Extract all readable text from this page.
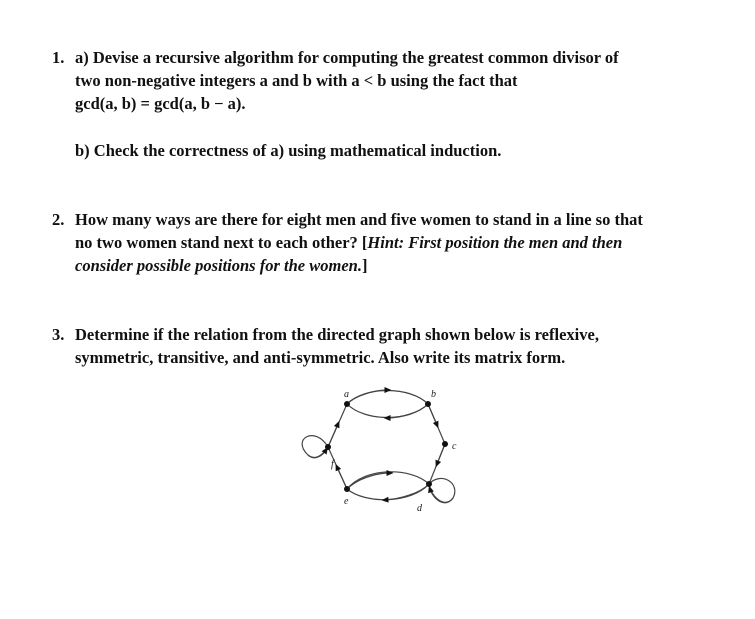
1. a) Devise a recursive algorithm for computing the greatest common divisor of
two non-negative integers a and b with a < b using the fact that
gcd(a, b) = gcd(a, b − a).
b) Check the correctness of a) using mathematical induction.
2. How many ways are there for eight men and five women to stand in a line so that
no two women stand next to each other? [Hint: First position the men and then
consider possible positions for the women.]
3. Determine if the relation from the directed graph shown below is reflexive,
symmetric, transitive, and anti-symmetric. Also write its matrix form.
a	b
c
d
e
f
